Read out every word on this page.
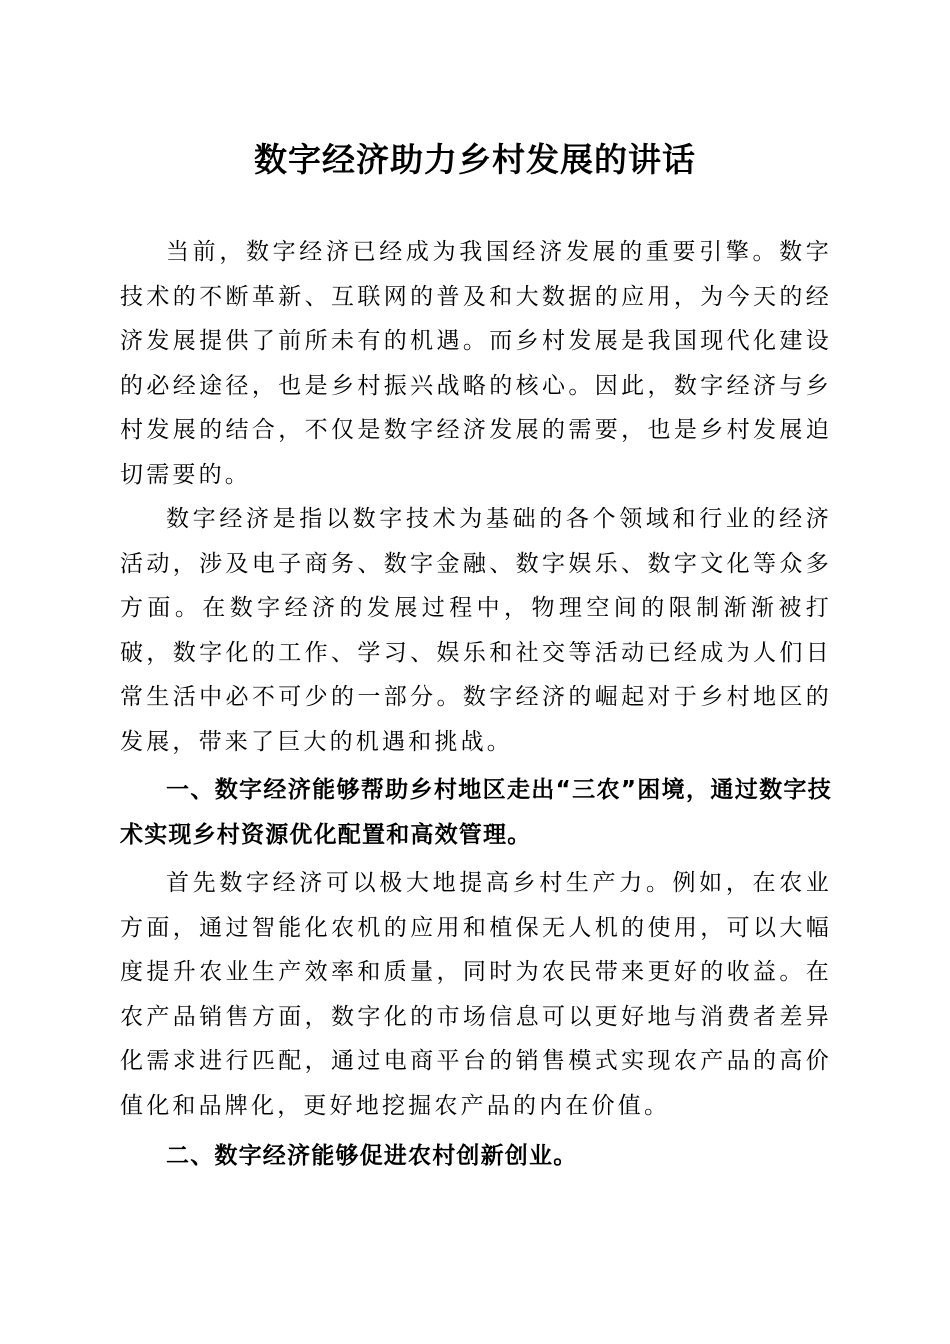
数字经济助力乡村发展的讲话

当前，数字经济已经成为我国经济发展的重要引擎。数字技术的不断革新、互联网的普及和大数据的应用，为今天的经济发展提供了前所未有的机遇。而乡村发展是我国现代化建设的必经途径，也是乡村振兴战略的核心。因此，数字经济与乡村发展的结合，不仅是数字经济发展的需要，也是乡村发展迫切需要的。

数字经济是指以数字技术为基础的各个领域和行业的经济活动，涉及电子商务、数字金融、数字娱乐、数字文化等众多方面。在数字经济的发展过程中，物理空间的限制渐渐被打破，数字化的工作、学习、娱乐和社交等活动已经成为人们日常生活中必不可少的一部分。数字经济的崛起对于乡村地区的发展，带来了巨大的机遇和挑战。

一、数字经济能够帮助乡村地区走出“三农”困境，通过数字技术实现乡村资源优化配置和高效管理。

首先数字经济可以极大地提高乡村生产力。例如，在农业方面，通过智能化农机的应用和植保无人机的使用，可以大幅度提升农业生产效率和质量，同时为农民带来更好的收益。在农产品销售方面，数字化的市场信息可以更好地与消费者差异化需求进行匹配，通过电商平台的销售模式实现农产品的高价值化和品牌化，更好地挖掘农产品的内在价值。

二、数字经济能够促进农村创新创业。
